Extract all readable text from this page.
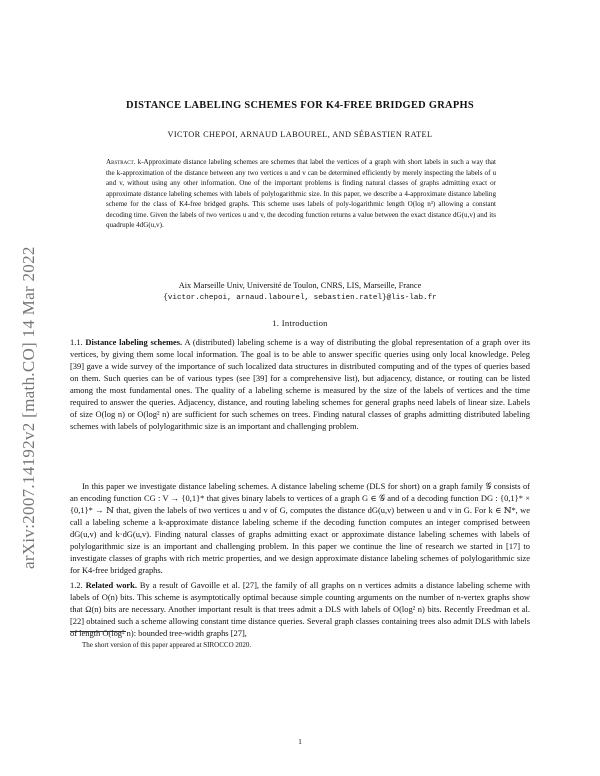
arXiv:2007.14192v2 [math.CO] 14 Mar 2022
DISTANCE LABELING SCHEMES FOR K4-FREE BRIDGED GRAPHS
VICTOR CHEPOI, ARNAUD LABOUREL, AND SÉBASTIEN RATEL
Abstract. k-Approximate distance labeling schemes are schemes that label the vertices of a graph with short labels in such a way that the k-approximation of the distance between any two vertices u and v can be determined efficiently by merely inspecting the labels of u and v, without using any other information. One of the important problems is finding natural classes of graphs admitting exact or approximate distance labeling schemes with labels of polylogarithmic size. In this paper, we describe a 4-approximate distance labeling scheme for the class of K4-free bridged graphs. This scheme uses labels of poly-logarithmic length O(log n³) allowing a constant decoding time. Given the labels of two vertices u and v, the decoding function returns a value between the exact distance dG(u,v) and its quadruple 4dG(u,v).
Aix Marseille Univ, Université de Toulon, CNRS, LIS, Marseille, France
{victor.chepoi, arnaud.labourel, sebastien.ratel}@lis-lab.fr
1. Introduction
1.1. Distance labeling schemes. A (distributed) labeling scheme is a way of distributing the global representation of a graph over its vertices, by giving them some local information. The goal is to be able to answer specific queries using only local knowledge. Peleg [39] gave a wide survey of the importance of such localized data structures in distributed computing and of the types of queries based on them. Such queries can be of various types (see [39] for a comprehensive list), but adjacency, distance, or routing can be listed among the most fundamental ones. The quality of a labeling scheme is measured by the size of the labels of vertices and the time required to answer the queries. Adjacency, distance, and routing labeling schemes for general graphs need labels of linear size. Labels of size O(log n) or O(log² n) are sufficient for such schemes on trees. Finding natural classes of graphs admitting distributed labeling schemes with labels of polylogarithmic size is an important and challenging problem.
In this paper we investigate distance labeling schemes. A distance labeling scheme (DLS for short) on a graph family 𝒢 consists of an encoding function CG : V → {0,1}* that gives binary labels to vertices of a graph G ∈ 𝒢 and of a decoding function DG : {0,1}* × {0,1}* → ℕ that, given the labels of two vertices u and v of G, computes the distance dG(u,v) between u and v in G. For k ∈ ℕ*, we call a labeling scheme a k-approximate distance labeling scheme if the decoding function computes an integer comprised between dG(u,v) and k·dG(u,v). Finding natural classes of graphs admitting exact or approximate distance labeling schemes with labels of polylogarithmic size is an important and challenging problem. In this paper we continue the line of research we started in [17] to investigate classes of graphs with rich metric properties, and we design approximate distance labeling schemes of polylogarithmic size for K4-free bridged graphs.
1.2. Related work. By a result of Gavoille et al. [27], the family of all graphs on n vertices admits a distance labeling scheme with labels of O(n) bits. This scheme is asymptotically optimal because simple counting arguments on the number of n-vertex graphs show that Ω(n) bits are necessary. Another important result is that trees admit a DLS with labels of O(log² n) bits. Recently Freedman et al. [22] obtained such a scheme allowing constant time distance queries. Several graph classes containing trees also admit DLS with labels of length O(log² n): bounded tree-width graphs [27],
The short version of this paper appeared at SIROCCO 2020.
1
